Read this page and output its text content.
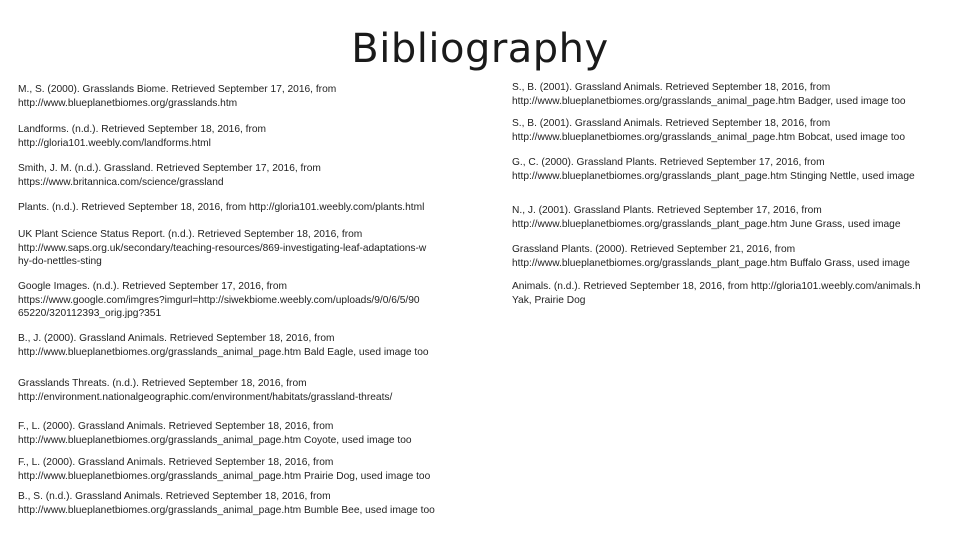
Bibliography
M., S. (2000). Grasslands Biome. Retrieved September 17, 2016, from
http://www.blueplanetbiomes.org/grasslands.htm
Landforms. (n.d.). Retrieved September 18, 2016, from
http://gloria101.weebly.com/landforms.html
Smith, J. M. (n.d.). Grassland. Retrieved September 17, 2016, from
https://www.britannica.com/science/grassland
Plants. (n.d.). Retrieved September 18, 2016, from http://gloria101.weebly.com/plants.html
UK Plant Science Status Report. (n.d.). Retrieved September 18, 2016, from
http://www.saps.org.uk/secondary/teaching-resources/869-investigating-leaf-adaptations-w
hy-do-nettles-sting
Google Images. (n.d.). Retrieved September 17, 2016, from
https://www.google.com/imgres?imgurl=http://siwekbiome.weebly.com/uploads/9/0/6/5/90
65220/320112393_orig.jpg?351
B., J. (2000). Grassland Animals. Retrieved September 18, 2016, from
http://www.blueplanetbiomes.org/grasslands_animal_page.htm Bald Eagle, used image too
Grasslands Threats. (n.d.). Retrieved September 18, 2016, from
http://environment.nationalgeographic.com/environment/habitats/grassland-threats/
F., L. (2000). Grassland Animals. Retrieved September 18, 2016, from
http://www.blueplanetbiomes.org/grasslands_animal_page.htm Coyote, used image too
F., L. (2000). Grassland Animals. Retrieved September 18, 2016, from
http://www.blueplanetbiomes.org/grasslands_animal_page.htm Prairie Dog, used image too
B., S. (n.d.). Grassland Animals. Retrieved September 18, 2016, from
http://www.blueplanetbiomes.org/grasslands_animal_page.htm Bumble Bee, used image too
S., B. (2001). Grassland Animals. Retrieved September 18, 2016, from
http://www.blueplanetbiomes.org/grasslands_animal_page.htm Badger, used image too
S., B. (2001). Grassland Animals. Retrieved September 18, 2016, from
http://www.blueplanetbiomes.org/grasslands_animal_page.htm Bobcat, used image too
G., C. (2000). Grassland Plants. Retrieved September 17, 2016, from
http://www.blueplanetbiomes.org/grasslands_plant_page.htm Stinging Nettle, used image
N., J. (2001). Grassland Plants. Retrieved September 17, 2016, from
http://www.blueplanetbiomes.org/grasslands_plant_page.htm June Grass, used image
Grassland Plants. (2000). Retrieved September 21, 2016, from
http://www.blueplanetbiomes.org/grasslands_plant_page.htm Buffalo Grass, used image
Animals. (n.d.). Retrieved September 18, 2016, from http://gloria101.weebly.com/animals.h
Yak, Prairie Dog
